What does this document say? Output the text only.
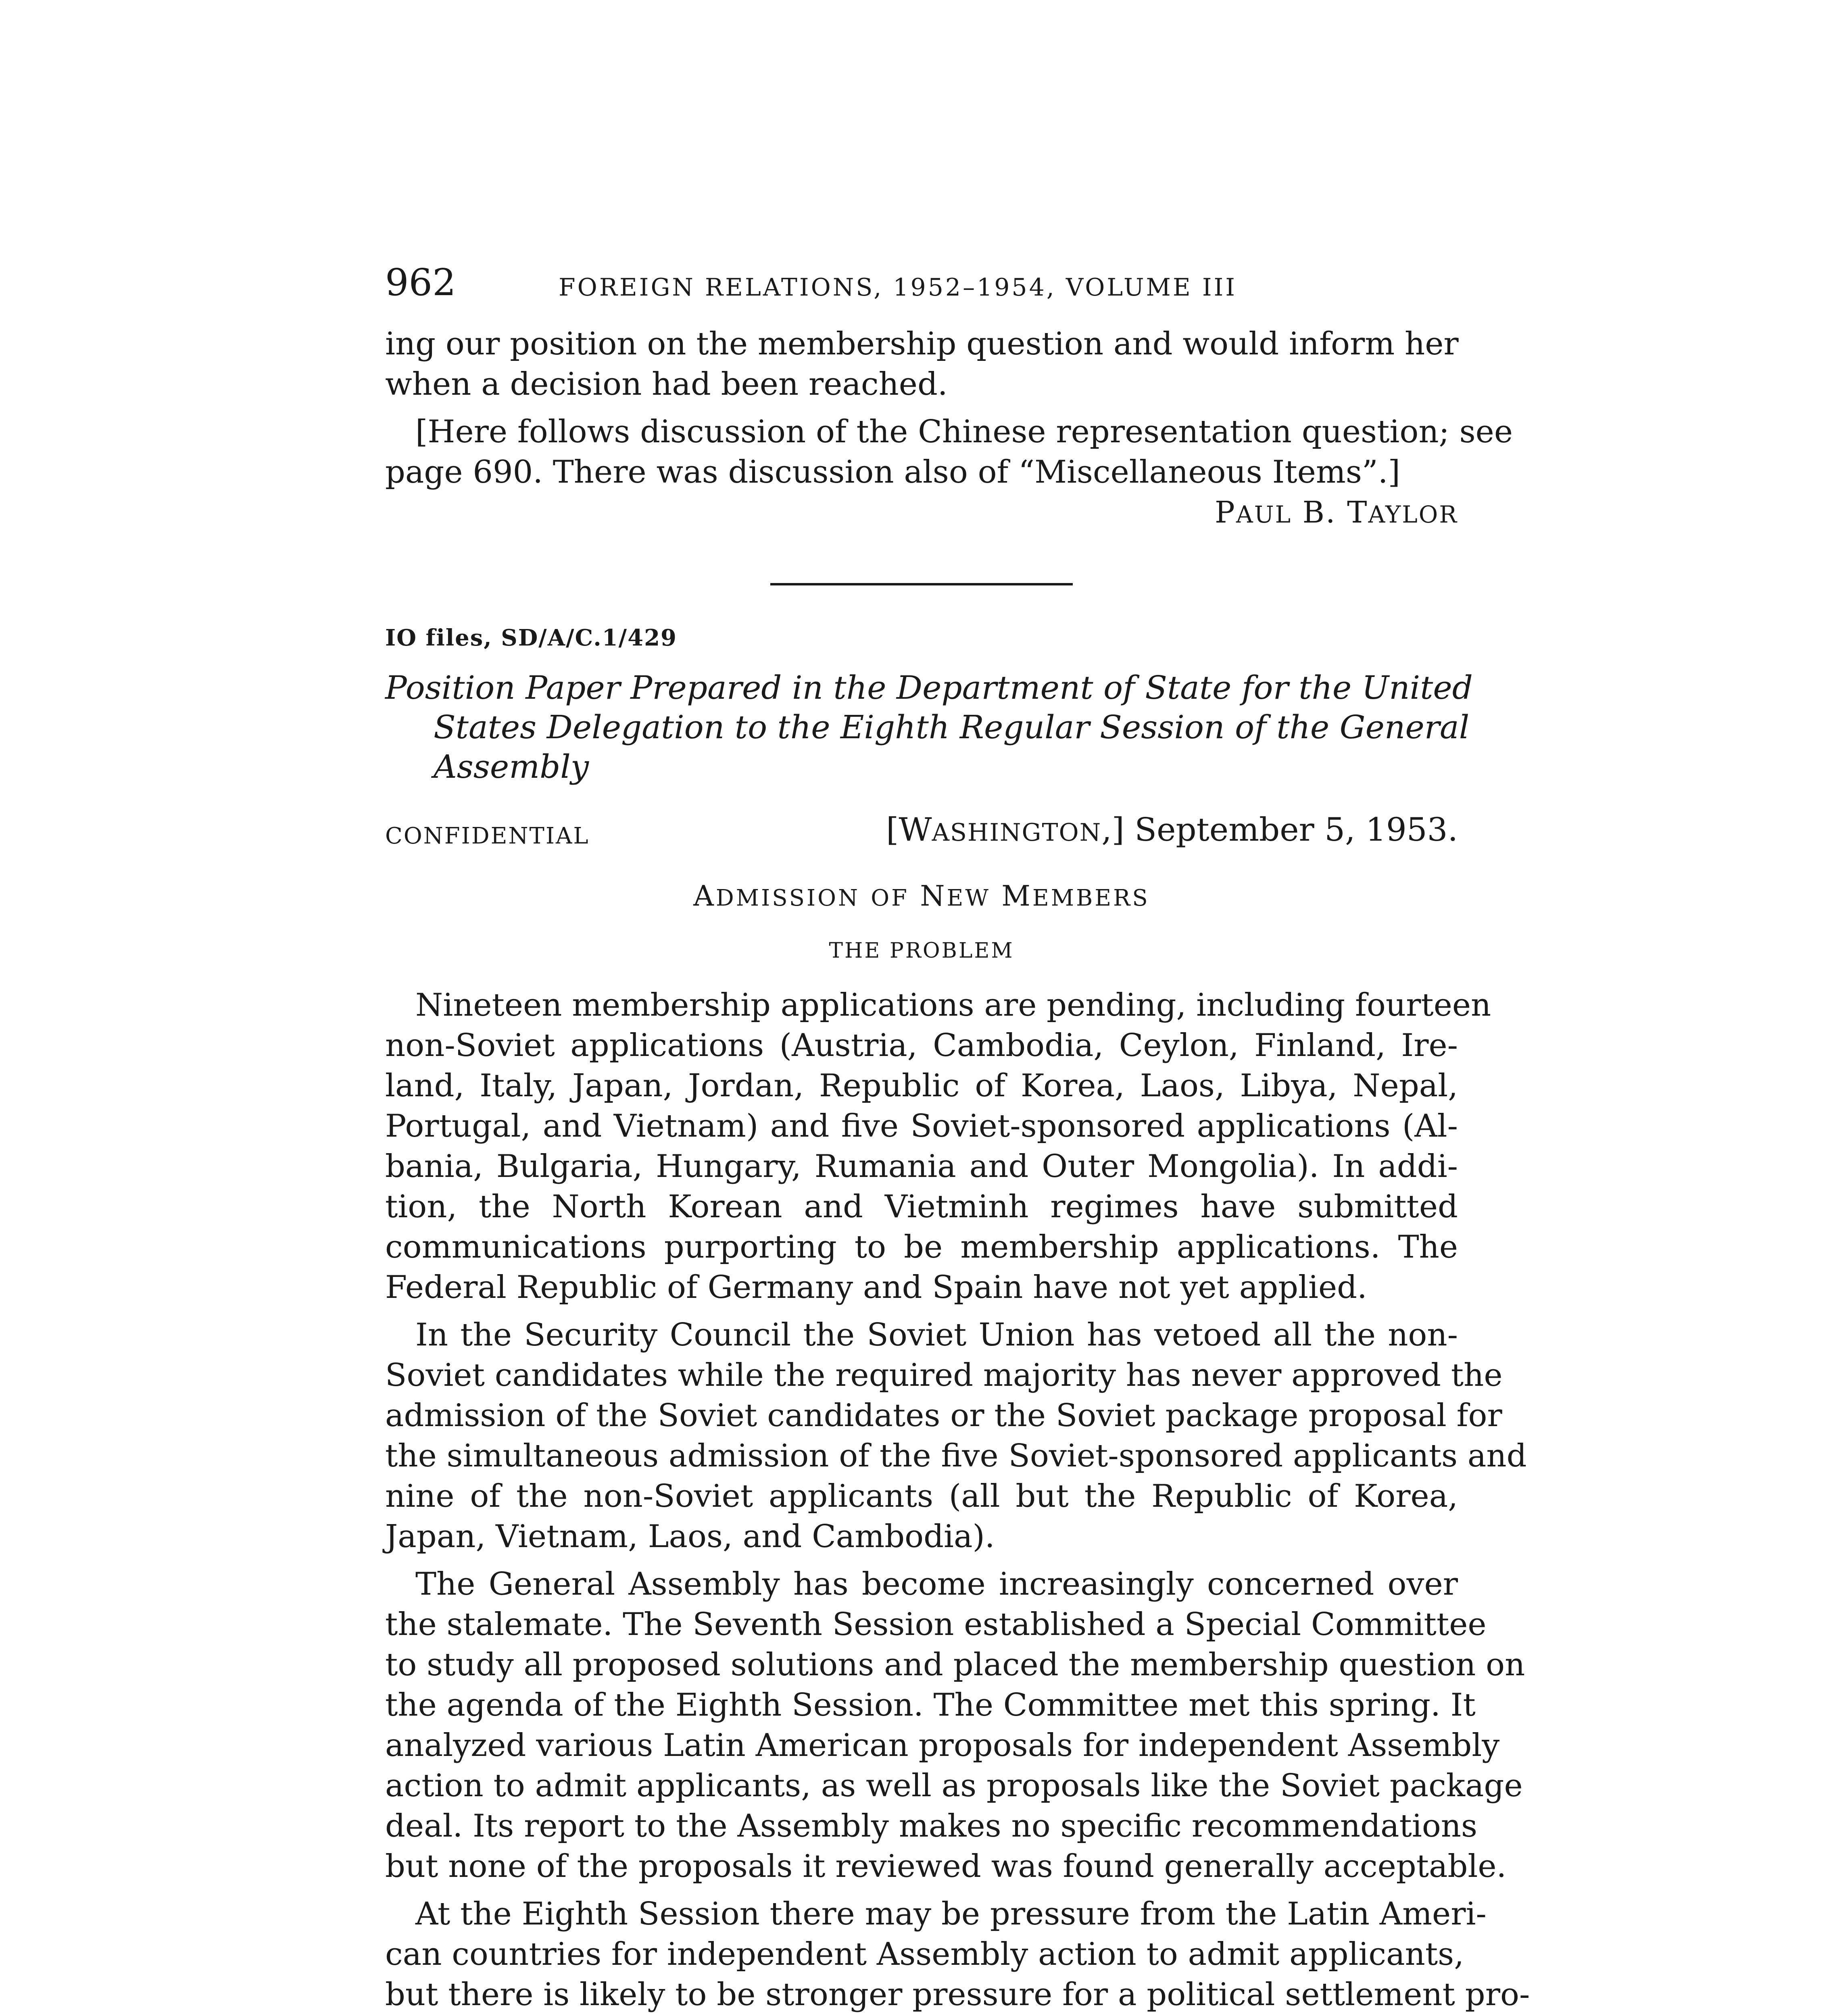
962	FOREIGN RELATIONS, 1952–1954, VOLUME III
ing our position on the membership question and would inform her
when a decision had been reached.
[Here follows discussion of the Chinese representation question; see
page 690. There was discussion also of “Miscellaneous Items”.]
PAUL B. TAYLOR
IO files, SD/A/C.1/429
Position Paper Prepared in the Department of State for the United
States Delegation to the Eighth Regular Session of the General
Assembly
CONFIDENTIAL	[WASHINGTON,] September 5, 1953.
ADMISSION OF NEW MEMBERS
THE PROBLEM
Nineteen membership applications are pending, including fourteen
non-Soviet applications (Austria, Cambodia, Ceylon, Finland, Ire-
land, Italy, Japan, Jordan, Republic of Korea, Laos, Libya, Nepal,
Portugal, and Vietnam) and five Soviet-sponsored applications (Al-
bania, Bulgaria, Hungary, Rumania and Outer Mongolia). In addi-
tion, the North Korean and Vietminh regimes have submitted
communications purporting to be membership applications. The
Federal Republic of Germany and Spain have not yet applied.
In the Security Council the Soviet Union has vetoed all the non-
Soviet candidates while the required majority has never approved the
admission of the Soviet candidates or the Soviet package proposal for
the simultaneous admission of the five Soviet-sponsored applicants and
nine of the non-Soviet applicants (all but the Republic of Korea,
Japan, Vietnam, Laos, and Cambodia).
The General Assembly has become increasingly concerned over
the stalemate. The Seventh Session established a Special Committee
to study all proposed solutions and placed the membership question on
the agenda of the Eighth Session. The Committee met this spring. It
analyzed various Latin American proposals for independent Assembly
action to admit applicants, as well as proposals like the Soviet package
deal. Its report to the Assembly makes no specific recommendations
but none of the proposals it reviewed was found generally acceptable.
At the Eighth Session there may be pressure from the Latin Ameri-
can countries for independent Assembly action to admit applicants,
but there is likely to be stronger pressure for a political settlement pro-
